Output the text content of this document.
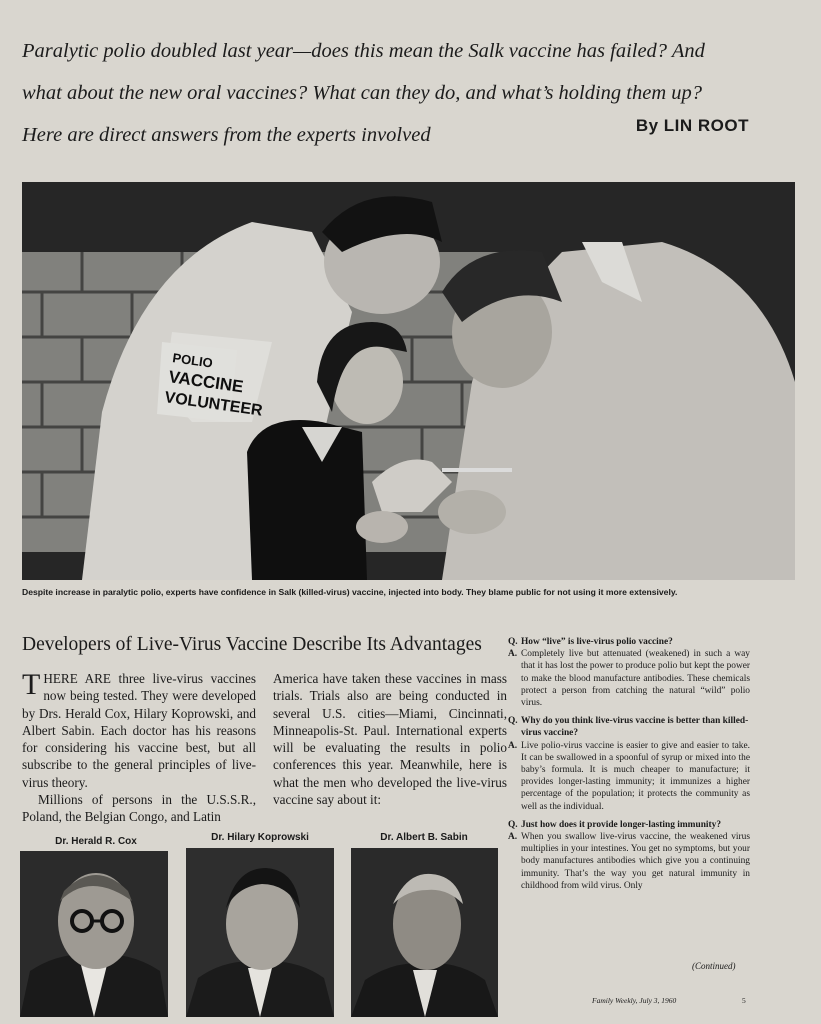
Paralytic polio doubled last year—does this mean the Salk vaccine has failed? And
what about the new oral vaccines? What can they do, and what’s holding them up?
Here are direct answers from the experts involved	By LIN ROOT
POLIO
VACCINE
VOLUNTEER
Despite increase in paralytic polio, experts have confidence in Salk (killed-virus) vaccine, injected into body. They blame public for not using it more extensively.
Developers of Live-Virus Vaccine Describe Its Advantages

THERE ARE three live-virus vaccines now being tested. They were developed by Drs. Herald Cox, Hilary Koprowski, and Albert Sabin. Each doctor has his reasons for considering his vaccine best, but all subscribe to the general principles of live-virus theory.

Millions of persons in the U.S.S.R., Poland, the Belgian Congo, and Latin

America have taken these vaccines in mass trials. Trials also are being conducted in several U.S. cities—Miami, Cincinnati, Minneapolis-St. Paul. International experts will be evaluating the results in polio conferences this year. Meanwhile, here is what the men who developed the live-virus vaccine say about it:

Dr. Herald R. Cox	Dr. Hilary Koprowski	Dr. Albert B. Sabin
Q. How “live” is live-virus polio vaccine?
A. Completely live but attenuated (weakened) in such a way that it has lost the power to produce polio but kept the power to make the blood manufacture antibodies. These chemicals protect a person from catching the natural “wild” polio virus.
Q. Why do you think live-virus vaccine is better than killed-virus vaccine?
A. Live polio-virus vaccine is easier to give and easier to take. It can be swallowed in a spoonful of syrup or mixed into the baby’s formula. It is much cheaper to manufacture; it provides longer-lasting immunity; it immunizes a higher percentage of the population; it protects the community as well as the individual.
Q. Just how does it provide longer-lasting immunity?
A. When you swallow live-virus vaccine, the weakened virus multiplies in your intestines. You get no symptoms, but your body manufactures antibodies which give you a continuing immunity. That’s the way you get natural immunity in childhood from wild virus. Only
(Continued)
Family Weekly, July 3, 1960	5
